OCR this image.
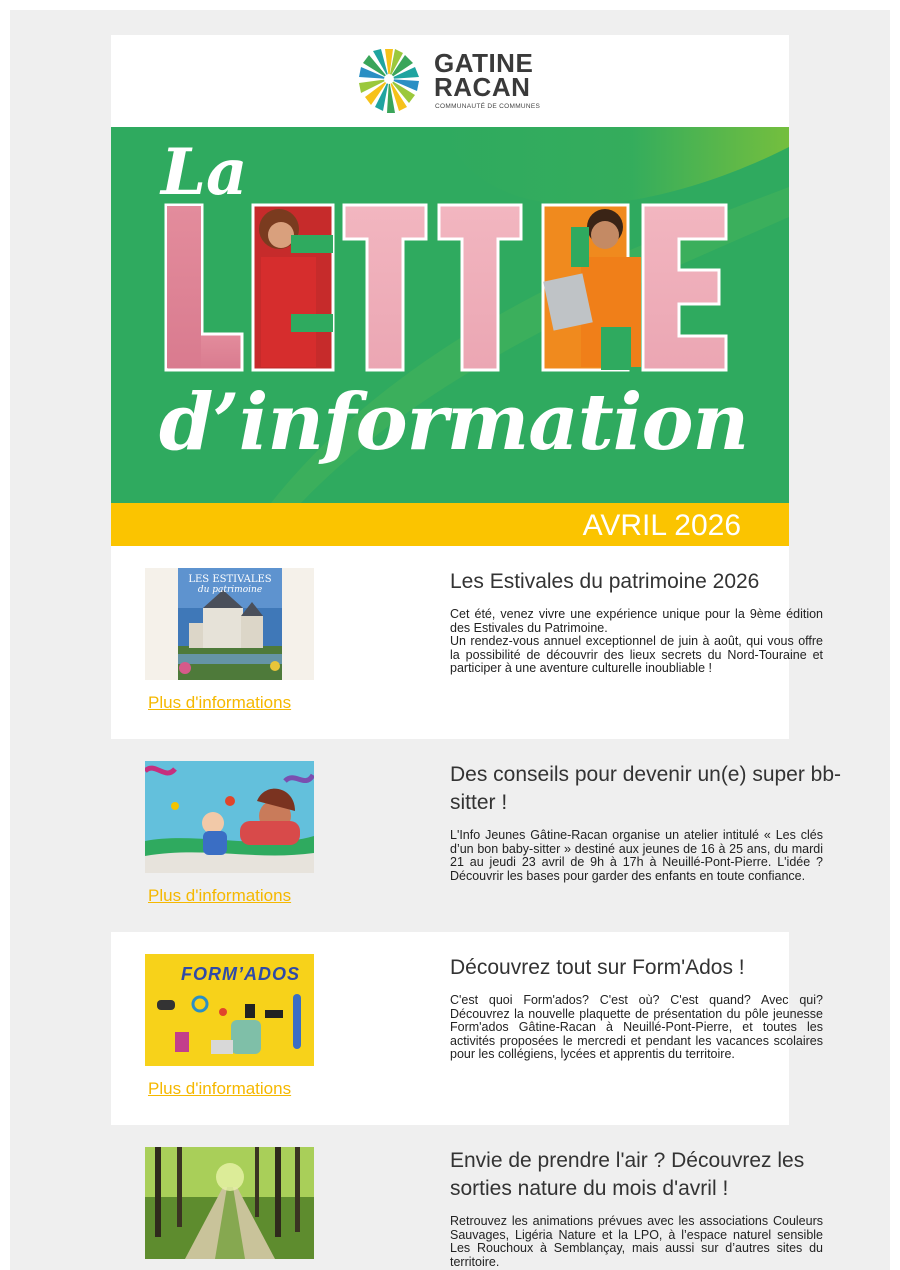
GATINE
RACAN
COMMUNAUTÉ DE COMMUNES
La
d’information
AVRIL 2026
LES ESTIVALES
du patrimoine
Plus d'informations
Les Estivales du patrimoine 2026
Cet été, venez vivre une expérience unique pour la 9ème édition des Estivales du Patrimoine.
Un rendez-vous annuel exceptionnel de juin à août, qui vous offre la possibilité de découvrir des lieux secrets du Nord-Touraine et participer à une aventure culturelle inoubliable !
Plus d'informations
Des conseils pour devenir un(e) super bb-sitter !
L'Info Jeunes Gâtine-Racan organise un atelier intitulé « Les clés d’un bon baby-sitter » destiné aux jeunes de 16 à 25 ans, du mardi 21 au jeudi 23 avril de 9h à 17h à Neuillé-Pont-Pierre. L'idée ? Découvrir les bases pour garder des enfants en toute confiance.
FORM’ADOS
Plus d'informations
Découvrez tout sur Form'Ados !
C'est quoi Form'ados? C'est où? C'est quand? Avec qui? Découvrez la nouvelle plaquette de présentation du pôle jeunesse Form'ados Gâtine-Racan à Neuillé-Pont-Pierre, et toutes les activités proposées le mercredi et pendant les vacances scolaires pour les collégiens, lycées et apprentis du territoire.
Envie de prendre l'air ? Découvrez les sorties nature du mois d'avril !
Retrouvez les animations prévues avec les associations Couleurs Sauvages, Ligéria Nature et la LPO, à l’espace naturel sensible Les Rouchoux à Semblançay, mais aussi sur d’autres sites du territoire.
